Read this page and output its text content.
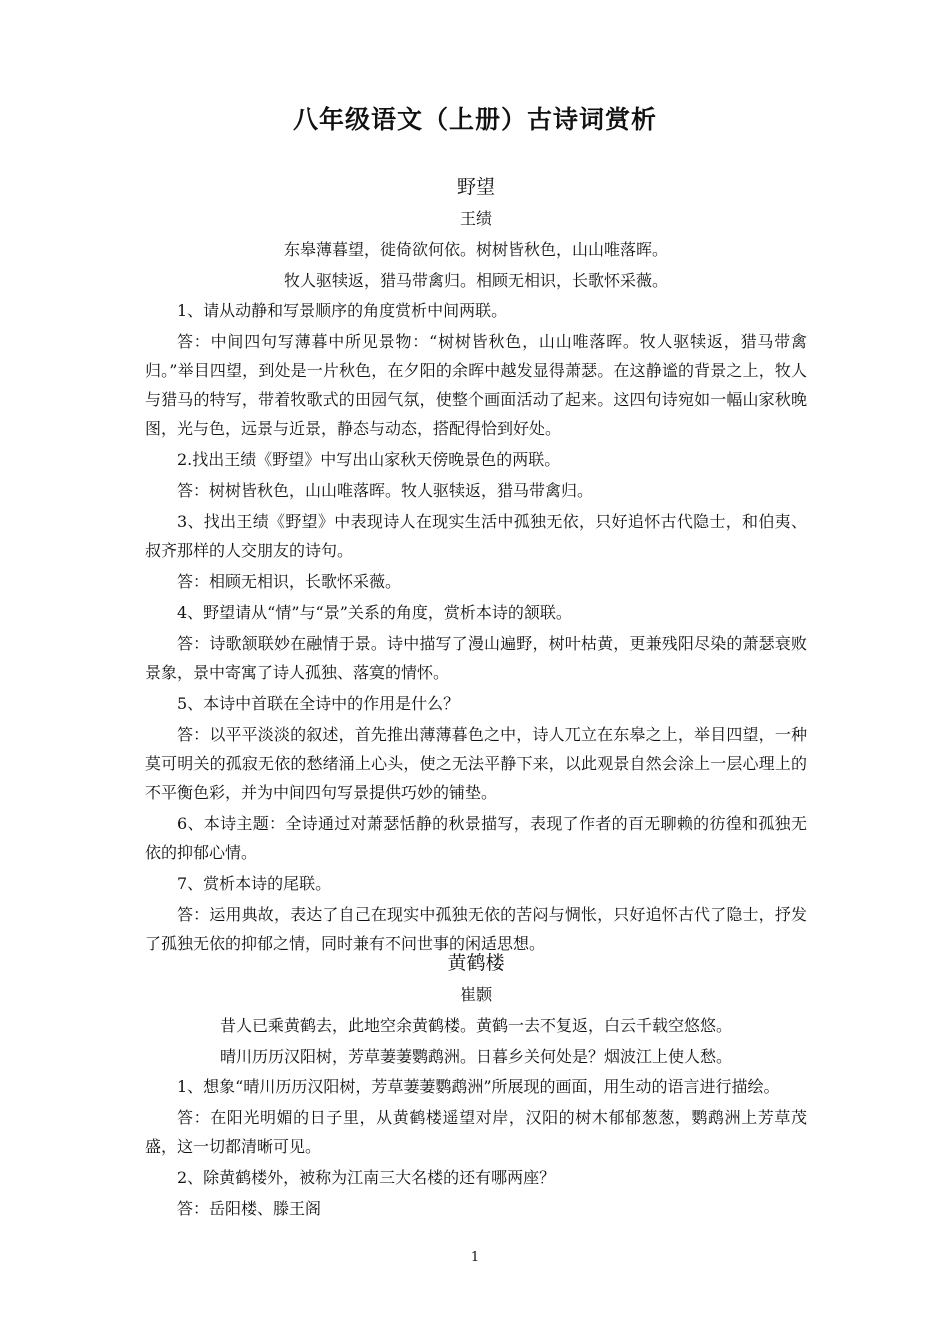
八年级语文（上册）古诗词赏析
野望
王绩
东皋薄暮望，徙倚欲何依。树树皆秋色，山山唯落晖。
牧人驱犊返，猎马带禽归。相顾无相识，长歌怀采薇。

1、请从动静和写景顺序的角度赏析中间两联。

答：中间四句写薄暮中所见景物：“树树皆秋色，山山唯落晖。牧人驱犊返，猎马带禽归。”举目四望，到处是一片秋色，在夕阳的余晖中越发显得萧瑟。在这静谧的背景之上，牧人与猎马的特写，带着牧歌式的田园气氛，使整个画面活动了起来。这四句诗宛如一幅山家秋晚图，光与色，远景与近景，静态与动态，搭配得恰到好处。

2.找出王绩《野望》中写出山家秋天傍晚景色的两联。

答：树树皆秋色，山山唯落晖。牧人驱犊返，猎马带禽归。

3、找出王绩《野望》中表现诗人在现实生活中孤独无依，只好追怀古代隐士，和伯夷、叔齐那样的人交朋友的诗句。

答：相顾无相识，长歌怀采薇。

4、野望请从“情”与“景”关系的角度，赏析本诗的颔联。

答：诗歌颔联妙在融情于景。诗中描写了漫山遍野，树叶枯黄，更兼残阳尽染的萧瑟衰败景象，景中寄寓了诗人孤独、落寞的情怀。

5、本诗中首联在全诗中的作用是什么？

答：以平平淡淡的叙述，首先推出薄薄暮色之中，诗人兀立在东皋之上，举目四望，一种莫可明关的孤寂无依的愁绪涌上心头，使之无法平静下来，以此观景自然会涂上一层心理上的不平衡色彩，并为中间四句写景提供巧妙的铺垫。

6、本诗主题：全诗通过对萧瑟恬静的秋景描写，表现了作者的百无聊赖的彷徨和孤独无依的抑郁心情。

7、赏析本诗的尾联。

答：运用典故，表达了自己在现实中孤独无依的苦闷与惆怅，只好追怀古代了隐士，抒发了孤独无依的抑郁之情，同时兼有不问世事的闲适思想。

黄鹤楼
崔颢
昔人已乘黄鹤去，此地空余黄鹤楼。黄鹤一去不复返，白云千载空悠悠。
晴川历历汉阳树，芳草萋萋鹦鹉洲。日暮乡关何处是？烟波江上使人愁。

1、想象“晴川历历汉阳树，芳草萋萋鹦鹉洲”所展现的画面，用生动的语言进行描绘。

答：在阳光明媚的日子里，从黄鹤楼遥望对岸，汉阳的树木郁郁葱葱，鹦鹉洲上芳草茂盛，这一切都清晰可见。

2、除黄鹤楼外，被称为江南三大名楼的还有哪两座？

答：岳阳楼、滕王阁

1
